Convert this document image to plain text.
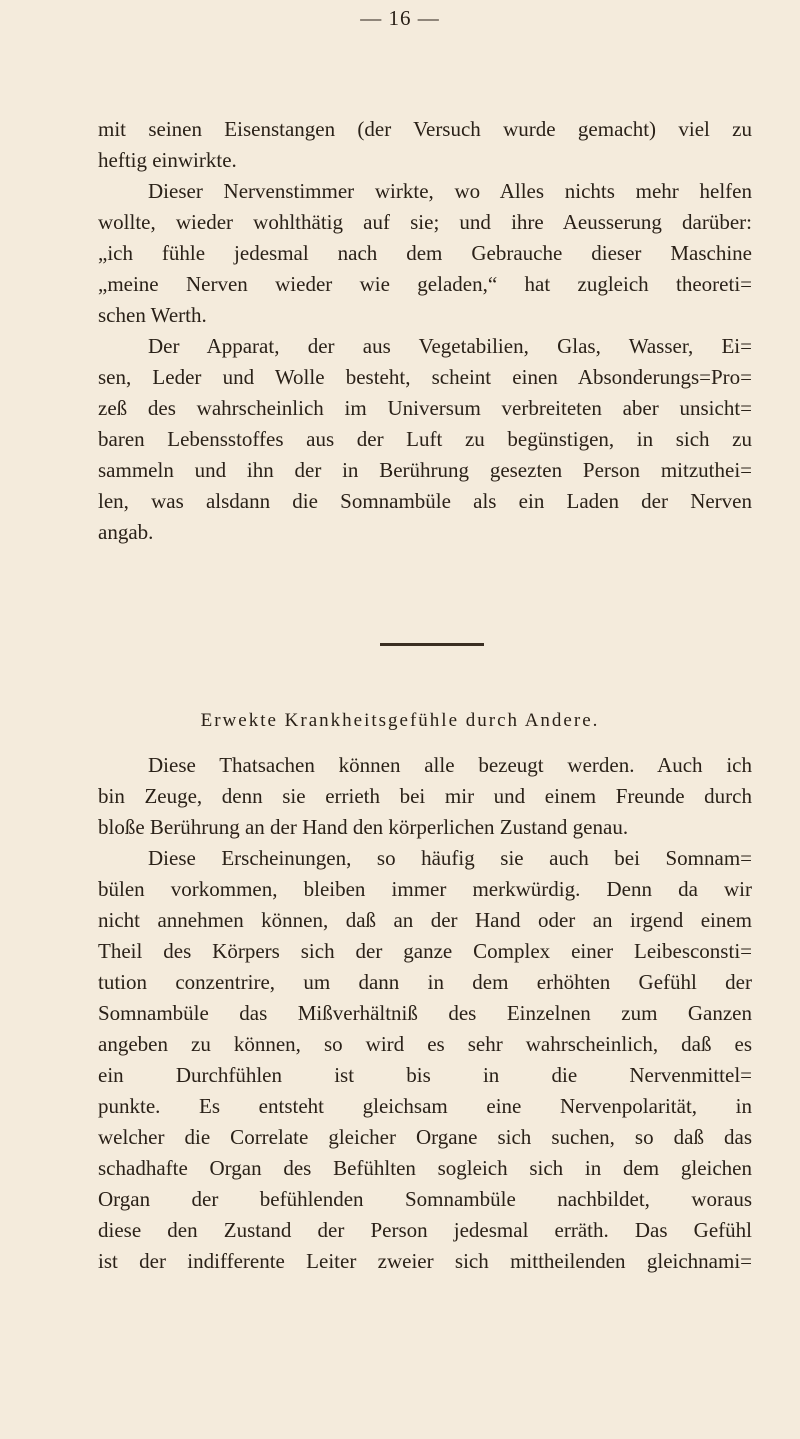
— 16 —
mit seinen Eisenstangen (der Versuch wurde gemacht) viel zu
heftig einwirkte.
Dieser Nervenstimmer wirkte, wo Alles nichts mehr helfen
wollte, wieder wohlthätig auf sie; und ihre Aeusserung darüber:
„ich fühle jedesmal nach dem Gebrauche dieser Maschine
„meine Nerven wieder wie geladen,“ hat zugleich theoreti=
schen Werth.
Der Apparat, der aus Vegetabilien, Glas, Wasser, Ei=
sen, Leder und Wolle besteht, scheint einen Absonderungs=Pro=
zeß des wahrscheinlich im Universum verbreiteten aber unsicht=
baren Lebensstoffes aus der Luft zu begünstigen, in sich zu
sammeln und ihn der in Berührung gesezten Person mitzuthei=
len, was alsdann die Somnambüle als ein Laden der Nerven
angab.
Erwekte Krankheitsgefühle durch Andere.
Diese Thatsachen können alle bezeugt werden. Auch ich
bin Zeuge, denn sie errieth bei mir und einem Freunde durch
bloße Berührung an der Hand den körperlichen Zustand genau.
Diese Erscheinungen, so häufig sie auch bei Somnam=
bülen vorkommen, bleiben immer merkwürdig. Denn da wir
nicht annehmen können, daß an der Hand oder an irgend einem
Theil des Körpers sich der ganze Complex einer Leibesconsti=
tution conzentrire, um dann in dem erhöhten Gefühl der
Somnambüle das Mißverhältniß des Einzelnen zum Ganzen
angeben zu können, so wird es sehr wahrscheinlich, daß es
ein Durchfühlen ist bis in die Nervenmittel=
punkte. Es entsteht gleichsam eine Nervenpolarität, in
welcher die Correlate gleicher Organe sich suchen, so daß das
schadhafte Organ des Befühlten sogleich sich in dem gleichen
Organ der befühlenden Somnambüle nachbildet, woraus
diese den Zustand der Person jedesmal erräth. Das Gefühl
ist der indifferente Leiter zweier sich mittheilenden gleichnami=
